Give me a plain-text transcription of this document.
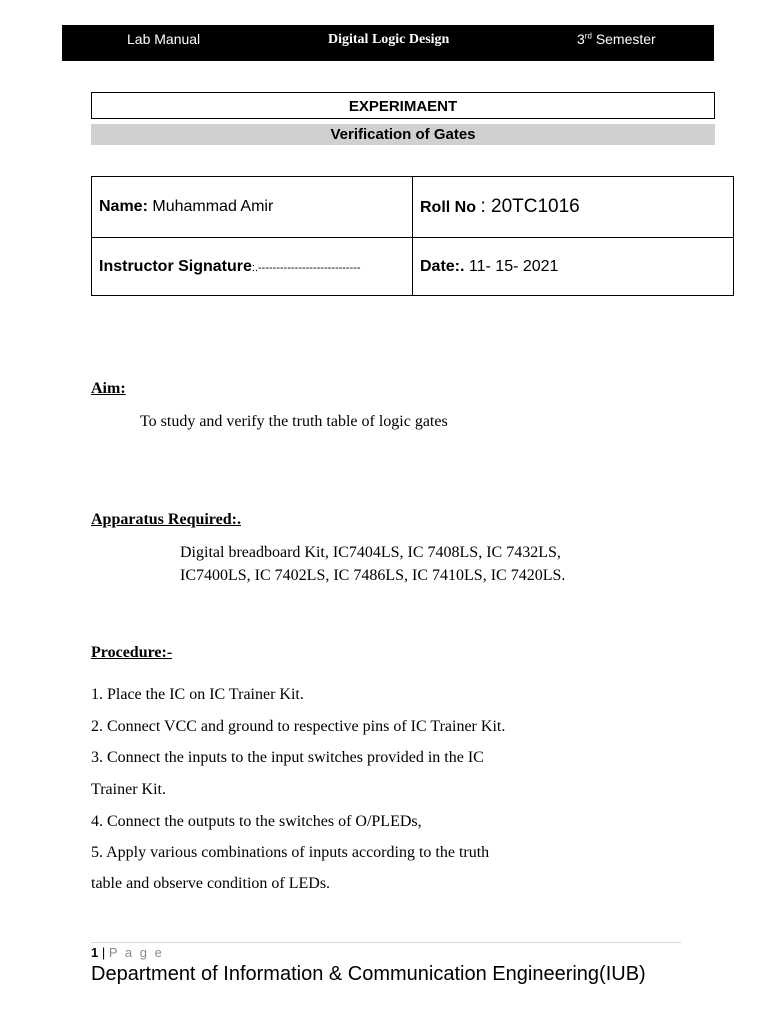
Lab Manual	Digital Logic Design	3rd Semester
EXPERIMAENT
Verification of Gates
Name: Muhammad Amir	Roll No : 20TC1016
Instructor Signature:.----------------------------	Date:. 11- 15- 2021
Aim:
To study and verify the truth table of logic gates
Apparatus Required:.
Digital breadboard Kit, IC7404LS, IC 7408LS, IC 7432LS,
IC7400LS, IC 7402LS, IC 7486LS, IC 7410LS, IC 7420LS.
Procedure:-
1. Place the IC on IC Trainer Kit.
2. Connect VCC and ground to respective pins of IC Trainer Kit.
3. Connect the inputs to the input switches provided in the IC
Trainer Kit.
4. Connect the outputs to the switches of O/PLEDs,
5. Apply various combinations of inputs according to the truth
table and observe condition of LEDs.
1 | P a g e
Department of Information & Communication Engineering(IUB)
